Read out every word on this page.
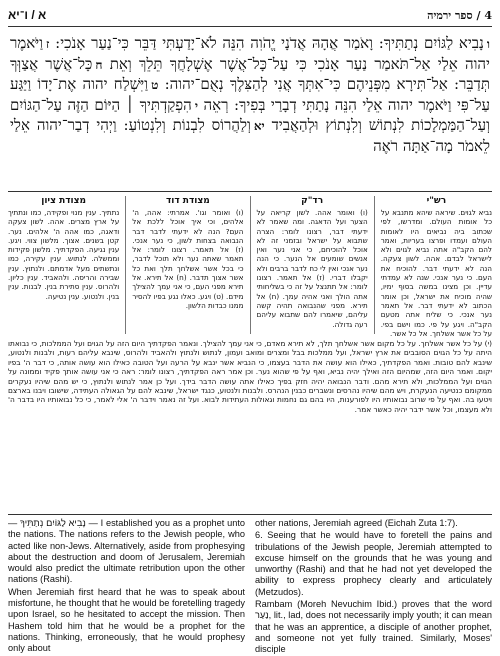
א / ו־יא	4 / ספר ירמיה
ונָבִיא לַגּוֹיִם נְתַתִּיךָ: וָאֹמַר אֲהָהּ אֲדֹנָי יֱהֹוִה הִנֵּה לֹא־יָדַעְתִּי דַּבֵּר כִּי־נַעַר אָנֹכִי: זוַיֹּאמֶר יהוה אֵלַי אַל־תֹּאמַר נַעַר אָנֹכִי כִּי עַל־כָּל־אֲשֶׁר אֶשְׁלָחֲךָ תֵּלֵךְ וְאֵת חכָּל־אֲשֶׁר אֲצַוְּךָ תְּדַבֵּר: אַל־תִּירָא מִפְּנֵיהֶם כִּי־אִתְּךָ אֲנִי לְהַצִּלֶךָ נְאֻם־יהוה: טוַיִּשְׁלַח יהוה אֶת־יָדוֹ וַיַּגַּע עַל־פִּי וַיֹּאמֶר יהוה אֵלַי הִנֵּה נָתַתִּי דְבָרַי בְּפִיךָ: רְאֵה יהִפְקַדְתִּיךָ ׀ הַיּוֹם הַזֶּה עַל־הַגּוֹיִם וְעַל־הַמַּמְלָכוֹת לִנְתוֹשׁ וְלִנְתוֹץ וּלְהַאֲבִיד יאוְלַהֲרוֹס לִבְנוֹת וְלִנְטוֹעַ: וַיְהִי דְבַר־יהוה אֵלַי לֵאמֹר מָה־אַתָּה רֹאֶה
רש"י
נביא לגוים. שיראה שיהא מתנבא על כל אומות העולם. ומדרשו, לפי שכתוב ביה נביאים היו לאומות העולם ועמדו ופרצו בעריות, ואמר להם הקב"ה אתה נביא לגוים ולא לישראל לבדם. אהה. לשון צעקה. הנה לא ידעתי דבר. להוכיח את העם. כי נער אנכי. שנה לא עמדתי עדיין. וכן מצינו במשה בסוף ימיו, שהיה מוכיח את ישראל, וכן אומר הכתוב לא ידעתי דבר. אל תאמר נער אנכי. כי שליח אתה מטעם הקב"ה. ויגע על פי. כמו וישם בפי. על כל אשר אשלחך. אל כל אשר.
רד"ק
(ו) ואומר אהה. לשון קריאה על הצער ועל הדאגה. ומה שאמר לא ידעתי דבר, רצונו לומר: הצרה שתבוא על ישראל ובזמני זה לא אוכל להוכיחם, כי אני נער ואין אנשים שומעים אל הנער. כי הנה נער אנכי ואין לי כח לדבר ברבים ולא יקבלו דברי. (ז) אל תאמר. רצונו לומר: אל תתנצל על זה כי בשליחותי אתה הולך ואני אהיה עמך. (ח) אל תירא. מפני שהנבואה תהיה קשה עליהם, שיאמרו להם שתבוא עליהם רעה גדולה.
מצודת דוד
(ו) ואומר וגו'. אמרתי: אהה, ה' אלהים, וכי איך אוכל ללכת אל העם? הנה לא ידעתי לדבר דבר הנבואה בצחות לשון, כי נער אנכי. (ז) אל תאמר. רצונו לומר: אל תאמר שאתה נער ולא תוכל לדבר, כי בכל אשר אשלחך תלך ואת כל אשר אצוך תדבר. (ח) אל תירא. אל תירא מפני העם, כי אני עמך להצילך מידם. (ט) ויגע. כאלו נגע בפיו להסיר ממנו כבדות הלשון.
מצודת ציון
נתתיך. ענין מנוי ופקידה, כמו ונתתיך על ארץ מצרים. אהה. לשון צעקה ודאגה, כמו אהה ה' אלהים. נער. קטן בשנים. אצוך. מלשון צווי. ויגע. ענין נגיעה. הפקדתיך. מלשון פקידות וממשלה. לנתוש. ענין עקירה, כמו ונתשתים מעל אדמתם. ולנתוץ. ענין שבירה והריסה. ולהאביד. ענין כליון. ולהרוס. ענין סתירת בנין. לבנות. ענין בנין. ולנטוע. ענין נטיעה.
(י) על כל אשר אשלחך. על כל מקום אשר אשלחך תלך, לא תירא מאדם, כי אני עמך להצילך. ונאמר הפקדתיך היום הזה על הגוים ועל הממלכות, כי נבואתו היתה על כל הגוים הסובבים את ארץ ישראל, ועל ממלכות בבל ומצרים ומואב ועמון, לנתוש ולנתוץ ולהאביד ולהרוס, שינבא עליהם רעות, ולבנות ולנטוע, שינבא להם טובות. ואמר הפקדתיך, כאילו הוא עושה את הדבר בעצמו, כי הנביא אשר ינבא על הרעה ועל הטובה כאילו הוא עושה אותה, כי דבר ה' בפיו יקום. ואמר היום הזה, שמהיום הזה ואילך יהיה נביא, ואף על פי שהוא נער. וכן אמר ראה הפקדתיך, רצונו לומר: ראה כי אני עושה אותך פקיד וממונה על הגוים ועל הממלכות, ולא תירא מהם. ודבר הנבואה יהיה חזק בפיך כאילו אתה עושה הדבר בידך. ועל כן אמר לנתוש ולנתוץ, כי יש מהם שיהיו נעקרים ממקומם כנטיעה הנעקרת, ויש מהם שיהיו נהרסים ונשברים כבנין הנהרס. ולבנות ולנטוע, כנגד ישראל, שינבא להם על הגאולה העתידה, שישובו ויבנו בארצם ויטעו בה. ואף על פי שרוב נבואותיו היו לפורענות, היו בהם גם נחמות וגאולות העתידות לבוא. ועל זה נאמר וידבר ה' אלי לאמר, כי כל נבואותיו היו בדבר ה' ולא מעצמו, וכל אשר ידבר יהיה כאשר אמר.

— נָבִיא לַגּוֹיִם נְתַתִּיךָ — I established you as a prophet unto the nations. The nations refers to the Jewish people, who acted like non-Jews. Alternatively, aside from prophesying about the destruction and doom of Jerusalem, Jeremiah would also predict the ultimate retribution upon the other nations (Rashi).

When Jeremiah first heard that he was to speak about misfortune, he thought that he would be foretelling tragedy upon Israel, so he hesitated to accept the mission. Then Hashem told him that he would be a prophet for the nations. Thinking, erroneously, that he would prophesy only about

other nations, Jeremiah agreed (Eichah Zuta 1:7).

6. Seeing that he would have to foretell the pains and tribulations of the Jewish people, Jeremiah attempted to excuse himself on the grounds that he was young and unworthy (Rashi) and that he had not yet developed the ability to express prophecy clearly and articulately (Metzudos).

Rambam (Moreh Nevuchim Ibid.) proves that the word נַעַר, lit., lad, does not necessarily imply youth; it can mean that he was an apprentice, a disciple of another prophet, and someone not yet fully trained. Similarly, Moses' disciple
